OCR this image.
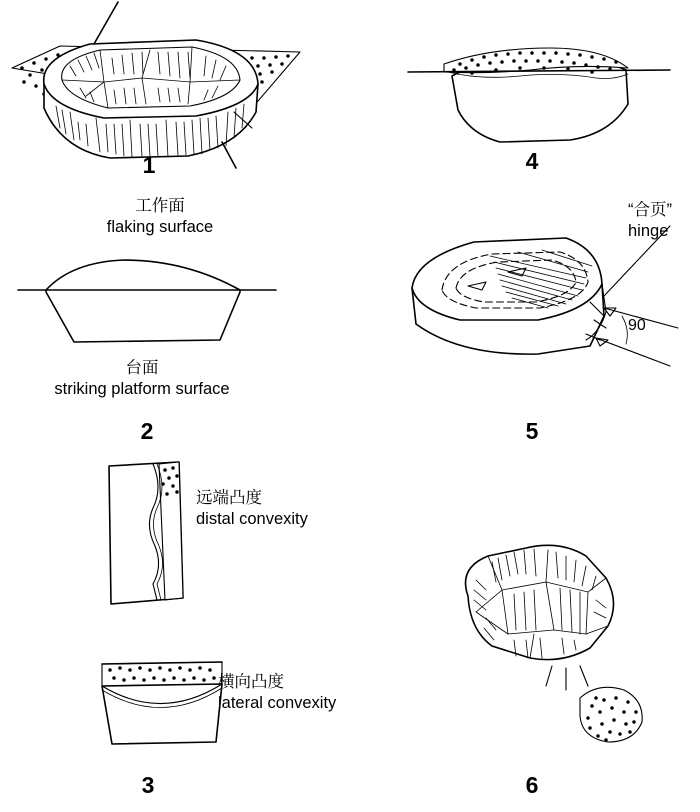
1
工作面
flaking surface
台面
striking platform surface
2
远端凸度
distal convexity
横向凸度
lateral convexity
3
4
“合页”
hinge
90
5
6
